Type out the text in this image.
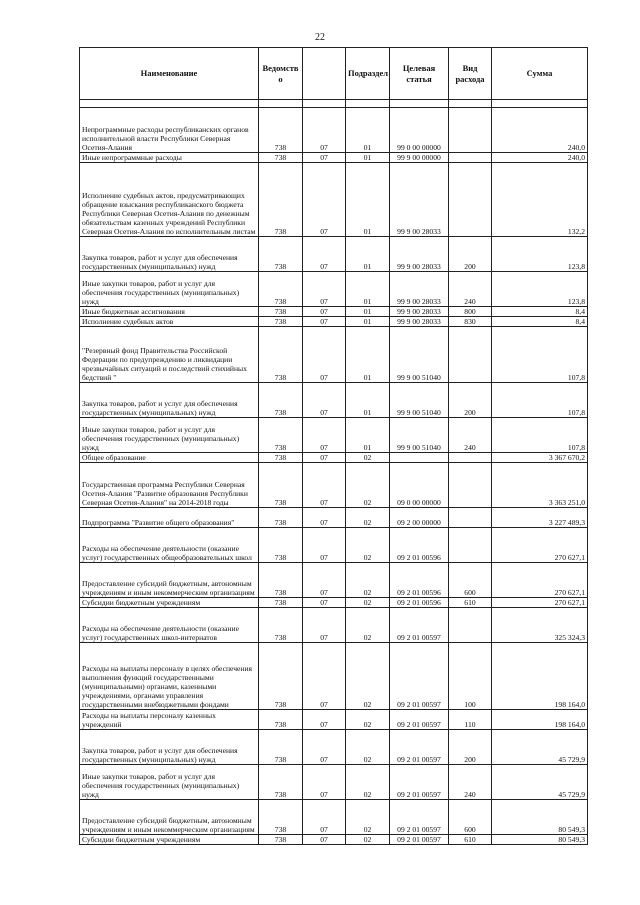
22
Наименование	Ведомств о		Подраздел	Целевая статья	Вид расхода	Сумма

Непрограммные расходы республиканских органов исполнительной власти Республики Северная Осетия-Алания	738	07	01	99 0 00 00000		240,0
Иные непрограммные расходы	738	07	01	99 9 00 00000		240,0
Исполнение судебных актов, предусматривающих обращение взыскания республиканского бюджета Республики Северная Осетия-Алания по денежным обязательствам казенных учреждений Республики Северная Осетия-Алания по исполнительным листам	738	07	01	99 9 00 28033		132,2
Закупка товаров, работ и услуг для обеспечения государственных (муниципальных) нужд	738	07	01	99 9 00 28033	200	123,8
Иные закупки товаров, работ и услуг для обеспечения государственных (муниципальных) нужд	738	07	01	99 9 00 28033	240	123,8
Иные бюджетные ассигнования	738	07	01	99 9 00 28033	800	8,4
Исполнение судебных актов	738	07	01	99 9 00 28033	830	8,4
"Резервный фонд Правительства Российской Федерации по предупреждению и ликвидации чрезвычайных ситуаций и последствий стихийных бедствий "	738	07	01	99 9 00 51040		107,8
Закупка товаров, работ и услуг для обеспечения государственных (муниципальных) нужд	738	07	01	99 9 00 51040	200	107,8
Иные закупки товаров, работ и услуг для обеспечения государственных (муниципальных) нужд	738	07	01	99 9 00 51040	240	107,8
Общее образование	738	07	02			3 367 670,2
Государственная программа Республики Северная Осетия-Алания "Развитие образования Республики Северная Осетия-Алания" на 2014-2018 годы	738	07	02	09 0 00 00000		3 363 251,0
Подпрограмма "Развитие общего образования"	738	07	02	09 2 00 00000		3 227 489,3
Расходы на обеспечение деятельности (оказание услуг) государственных общеобразовательных школ	738	07	02	09 2 01 00596		270 627,1
Предоставление субсидий бюджетным, автономным учреждениям и иным некоммерческим организациям	738	07	02	09 2 01 00596	600	270 627,1
Субсидии бюджетным учреждениям	738	07	02	09 2 01 00596	610	270 627,1
Расходы на обеспечение деятельности (оказание услуг) государственных школ-интернатов	738	07	02	09 2 01 00597		325 324,3
Расходы на выплаты персоналу в целях обеспечения выполнения функций государственными (муниципальными) органами, казенными учреждениями, органами управления государственными внебюджетными фондами	738	07	02	09 2 01 00597	100	198 164,0
Расходы на выплаты персоналу казенных учреждений	738	07	02	09 2 01 00597	110	198 164,0
Закупка товаров, работ и услуг для обеспечения государственных (муниципальных) нужд	738	07	02	09 2 01 00597	200	45 729,9
Иные закупки товаров, работ и услуг для обеспечения государственных (муниципальных) нужд	738	07	02	09 2 01 00597	240	45 729,9
Предоставление субсидий бюджетным, автономным учреждениям и иным некоммерческим организациям	738	07	02	09 2 01 00597	600	80 549,3
Субсидии бюджетным учреждениям	738	07	02	09 2 01 00597	610	80 549,3
